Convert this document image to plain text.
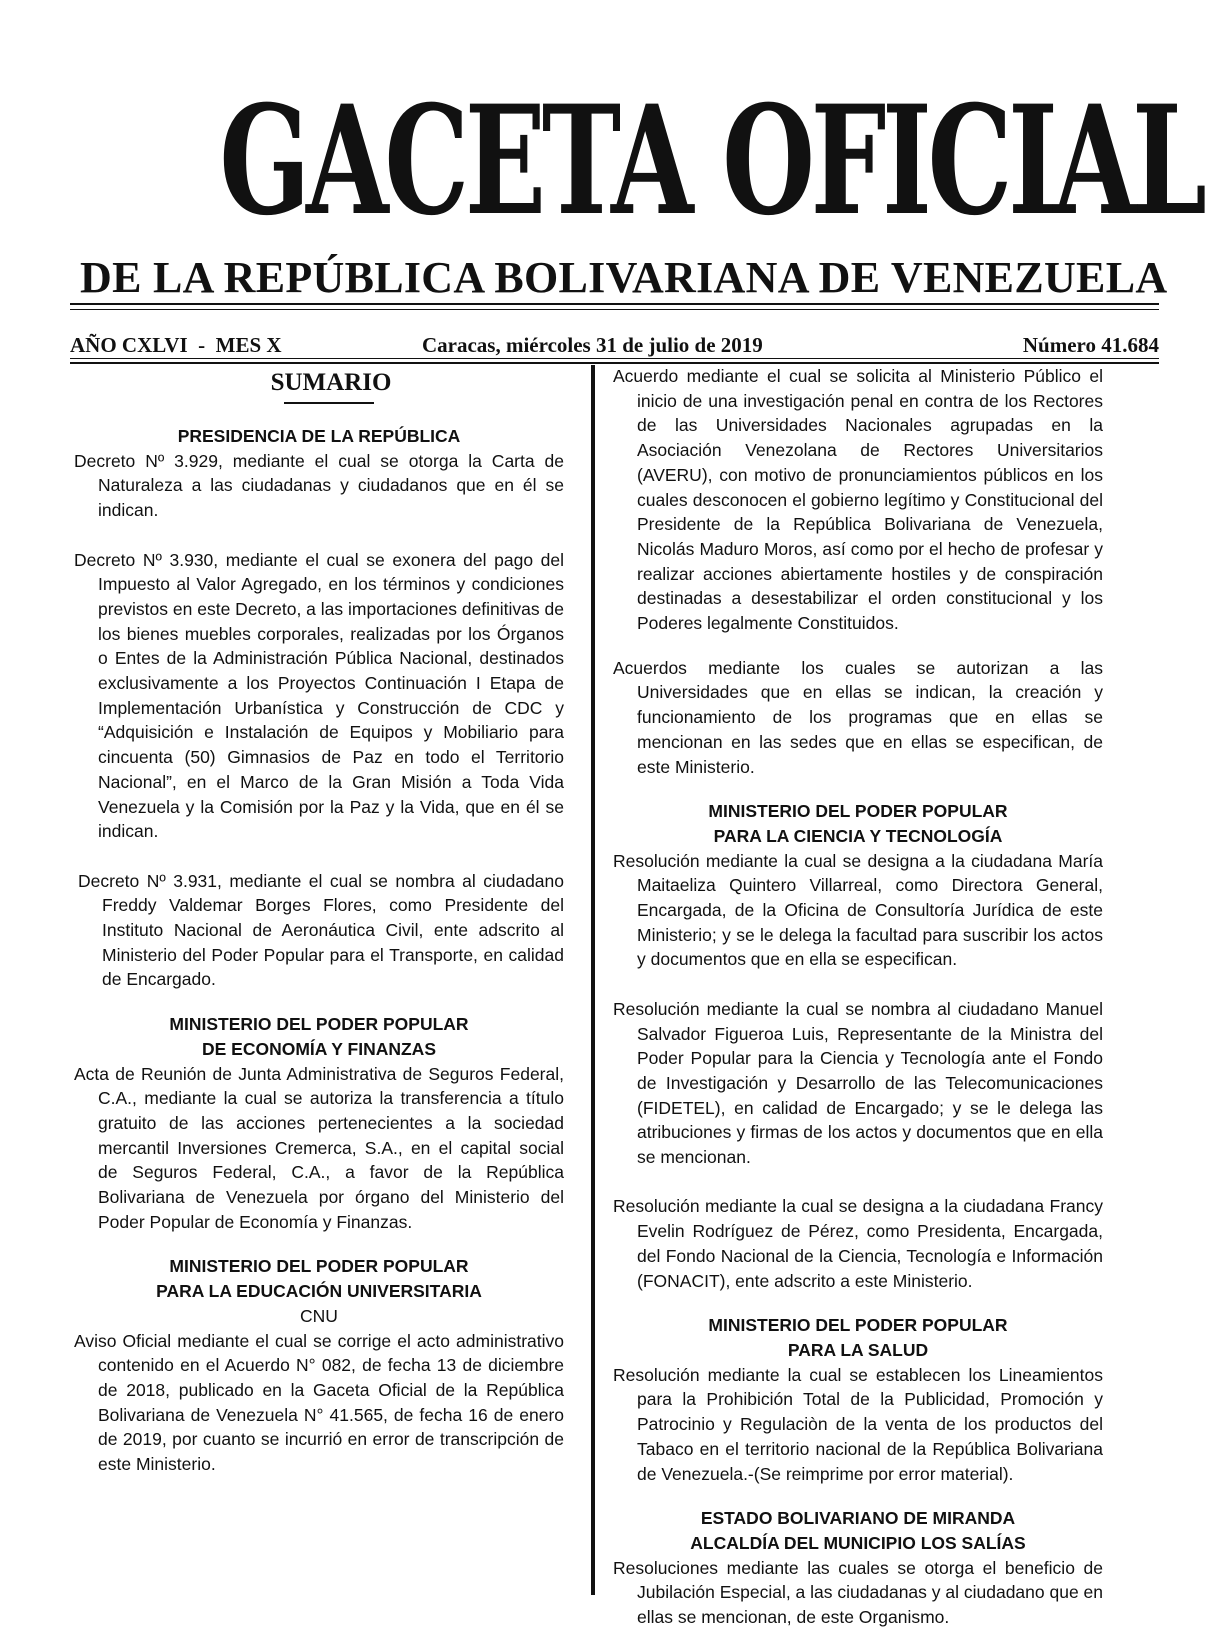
GACETA OFICIAL
DE LA REPÚBLICA BOLIVARIANA DE VENEZUELA
AÑO CXLVI  -  MES X	Caracas, miércoles 31 de julio de 2019	Número 41.684
SUMARIO

PRESIDENCIA DE LA REPÚBLICA

Decreto Nº 3.929, mediante el cual se otorga la Carta de Naturaleza a las ciudadanas y ciudadanos que en él se indican.

Decreto Nº 3.930, mediante el cual se exonera del pago del Impuesto al Valor Agregado, en los términos y condiciones previstos en este Decreto, a las importaciones definitivas de los bienes muebles corporales, realizadas por los Órganos o Entes de la Administración Pública Nacional, destinados exclusivamente a los Proyectos Continuación I Etapa de Implementación Urbanística y Construcción de CDC y “Adquisición e Instalación de Equipos y Mobiliario para cincuenta (50) Gimnasios de Paz en todo el Territorio Nacional”, en el Marco de la Gran Misión a Toda Vida Venezuela y la Comisión por la Paz y la Vida, que en él se indican.

Decreto Nº 3.931, mediante el cual se nombra al ciudadano Freddy Valdemar Borges Flores, como Presidente del Instituto Nacional de Aeronáutica Civil, ente adscrito al Ministerio del Poder Popular para el Transporte, en calidad de Encargado.

MINISTERIO DEL PODER POPULAR

DE ECONOMÍA Y FINANZAS

Acta de Reunión de Junta Administrativa de Seguros Federal, C.A., mediante la cual se autoriza la transferencia a título gratuito de las acciones pertenecientes a la sociedad mercantil Inversiones Cremerca, S.A., en el capital social de Seguros Federal, C.A., a favor de la República Bolivariana de Venezuela por órgano del Ministerio del Poder Popular de Economía y Finanzas.

MINISTERIO DEL PODER POPULAR

PARA LA EDUCACIÓN UNIVERSITARIA

CNU

Aviso Oficial mediante el cual se corrige el acto administrativo contenido en el Acuerdo N° 082, de fecha 13 de diciembre de 2018, publicado en la Gaceta Oficial de la República Bolivariana de Venezuela N° 41.565, de fecha 16 de enero de 2019, por cuanto se incurrió en error de transcripción de este Ministerio.

Acuerdo mediante el cual se solicita al Ministerio Público el inicio de una investigación penal en contra de los Rectores de las Universidades Nacionales agrupadas en la Asociación Venezolana de Rectores Universitarios (AVERU), con motivo de pronunciamientos públicos en los cuales desconocen el gobierno legítimo y Constitucional del Presidente de la República Bolivariana de Venezuela, Nicolás Maduro Moros, así como por el hecho de profesar y realizar acciones abiertamente hostiles y de conspiración destinadas a desestabilizar el orden constitucional y los Poderes legalmente Constituidos.

Acuerdos mediante los cuales se autorizan a las Universidades que en ellas se indican, la creación y funcionamiento de los programas que en ellas se mencionan en las sedes que en ellas se especifican, de este Ministerio.

MINISTERIO DEL PODER POPULAR

PARA LA CIENCIA Y TECNOLOGÍA

Resolución mediante la cual se designa a la ciudadana María Maitaeliza Quintero Villarreal, como Directora General, Encargada, de la Oficina de Consultoría Jurídica de este Ministerio; y se le delega la facultad para suscribir los actos y documentos que en ella se especifican.

Resolución mediante la cual se nombra al ciudadano Manuel Salvador Figueroa Luis, Representante de la Ministra del Poder Popular para la Ciencia y Tecnología ante el Fondo de Investigación y Desarrollo de las Telecomunicaciones (FIDETEL), en calidad de Encargado; y se le delega las atribuciones y firmas de los actos y documentos que en ella se mencionan.

Resolución mediante la cual se designa a la ciudadana Francy Evelin Rodríguez de Pérez, como Presidenta, Encargada, del Fondo Nacional de la Ciencia, Tecnología e Información (FONACIT), ente adscrito a este Ministerio.

MINISTERIO DEL PODER POPULAR

PARA LA SALUD

Resolución mediante la cual se establecen los Lineamientos para la Prohibición Total de la Publicidad, Promoción y Patrocinio y Regulaciòn de la venta de los productos del Tabaco en el territorio nacional de la República Bolivariana de Venezuela.-(Se reimprime por error material).

ESTADO BOLIVARIANO DE MIRANDA

ALCALDÍA DEL MUNICIPIO LOS SALÍAS

Resoluciones mediante las cuales se otorga el beneficio de Jubilación Especial, a las ciudadanas y al ciudadano que en ellas se mencionan, de este Organismo.
